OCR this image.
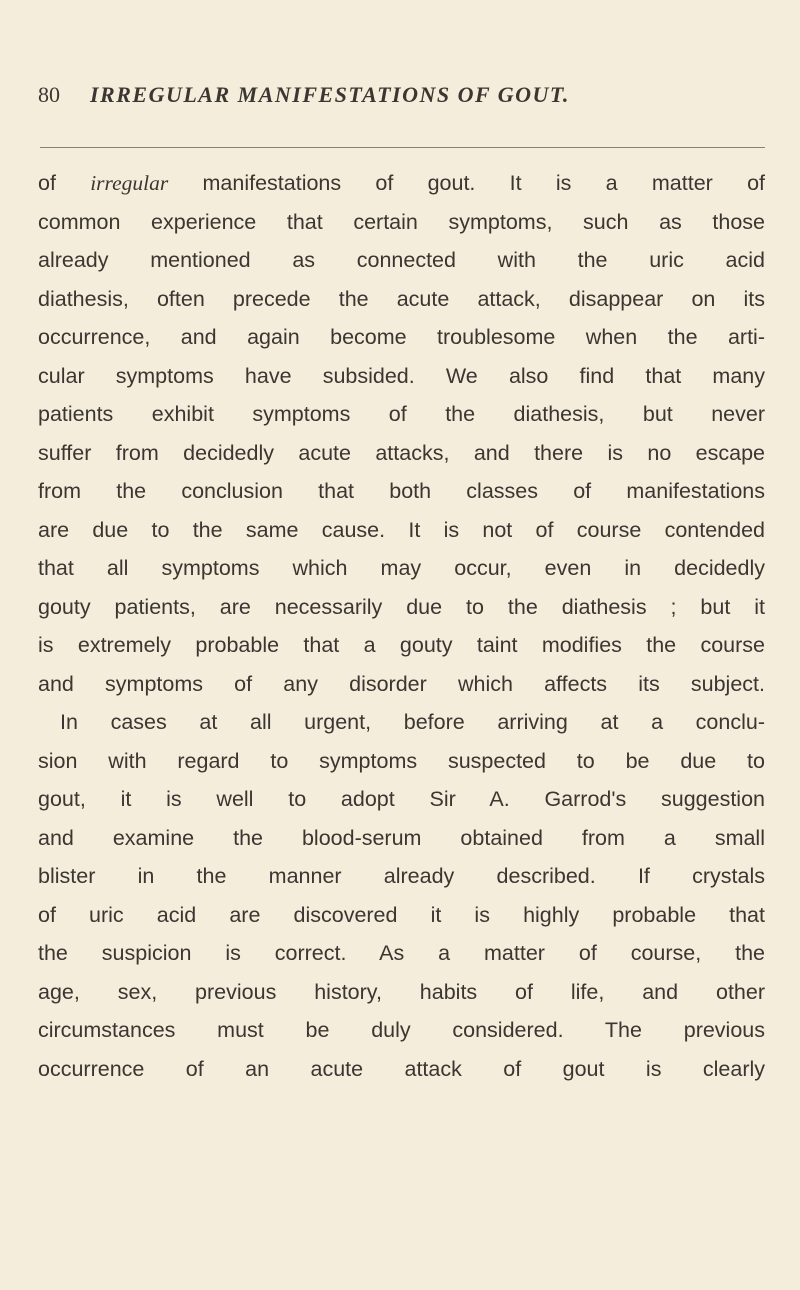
80 IRREGULAR MANIFESTATIONS OF GOUT.
of irregular manifestations of gout. It is a matter of
common experience that certain symptoms, such as those
already mentioned as connected with the uric acid
diathesis, often precede the acute attack, disappear on its
occurrence, and again become troublesome when the arti-
cular symptoms have subsided. We also find that many
patients exhibit symptoms of the diathesis, but never
suffer from decidedly acute attacks, and there is no escape
from the conclusion that both classes of manifestations
are due to the same cause. It is not of course contended
that all symptoms which may occur, even in decidedly
gouty patients, are necessarily due to the diathesis ; but it
is extremely probable that a gouty taint modifies the course
and symptoms of any disorder which affects its subject.
In cases at all urgent, before arriving at a conclu-
sion with regard to symptoms suspected to be due to
gout, it is well to adopt Sir A. Garrod's suggestion
and examine the blood-serum obtained from a small
blister in the manner already described. If crystals
of uric acid are discovered it is highly probable that
the suspicion is correct. As a matter of course, the
age, sex, previous history, habits of life, and other
circumstances must be duly considered. The previous
occurrence of an acute attack of gout is clearly
